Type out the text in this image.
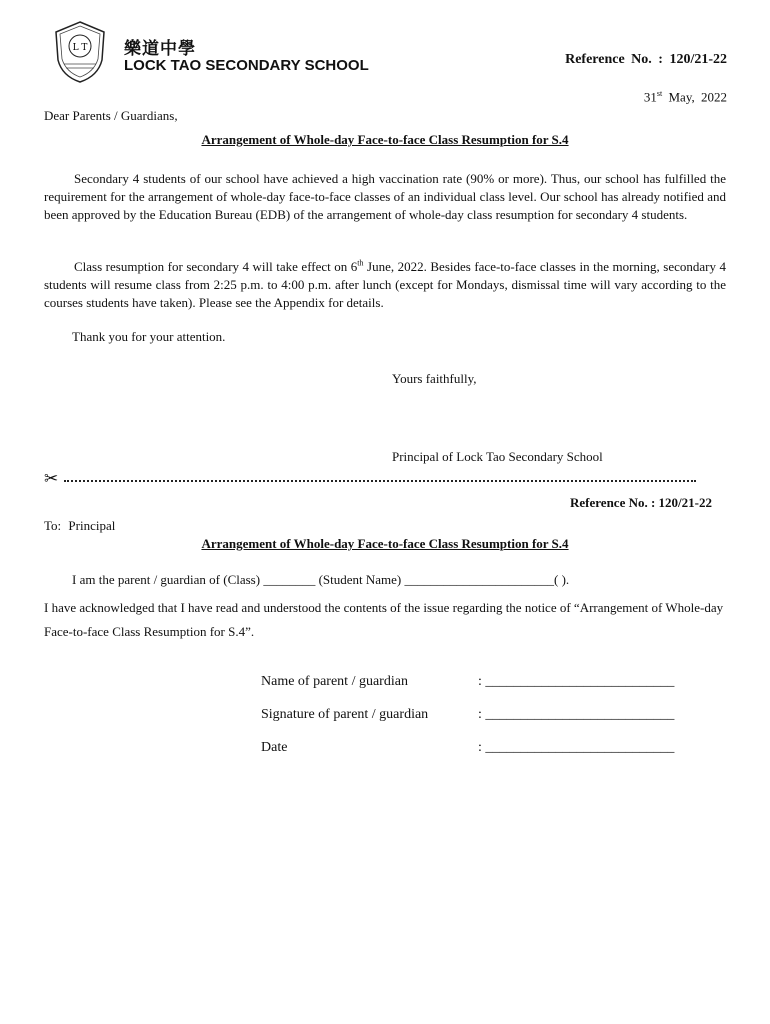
L T 樂道中學
LOCK TAO SECONDARY SCHOOL	Reference No. : 120/21-22
31st May, 2022
Dear Parents / Guardians,
Arrangement of Whole-day Face-to-face Class Resumption for S.4
Secondary 4 students of our school have achieved a high vaccination rate (90% or more). Thus, our school has fulfilled the requirement for the arrangement of whole-day face-to-face classes of an individual class level. Our school has already notified and been approved by the Education Bureau (EDB) of the arrangement of whole-day class resumption for secondary 4 students.
Class resumption for secondary 4 will take effect on 6th June, 2022. Besides face-to-face classes in the morning, secondary 4 students will resume class from 2:25 p.m. to 4:00 p.m. after lunch (except for Mondays, dismissal time will vary according to the courses students have taken). Please see the Appendix for details.
Thank you for your attention.
Yours faithfully,
Principal of Lock Tao Secondary School
✂
Reference No. : 120/21-22
To: Principal
Arrangement of Whole-day Face-to-face Class Resumption for S.4
I am the parent / guardian of (Class) ________ (Student Name) _______________________( ).
I have acknowledged that I have read and understood the contents of the issue regarding the notice of “Arrangement of Whole-day Face-to-face Class Resumption for S.4”.
Name of parent / guardian	: ___________________________
Signature of parent / guardian	: ___________________________
Date	: ___________________________
